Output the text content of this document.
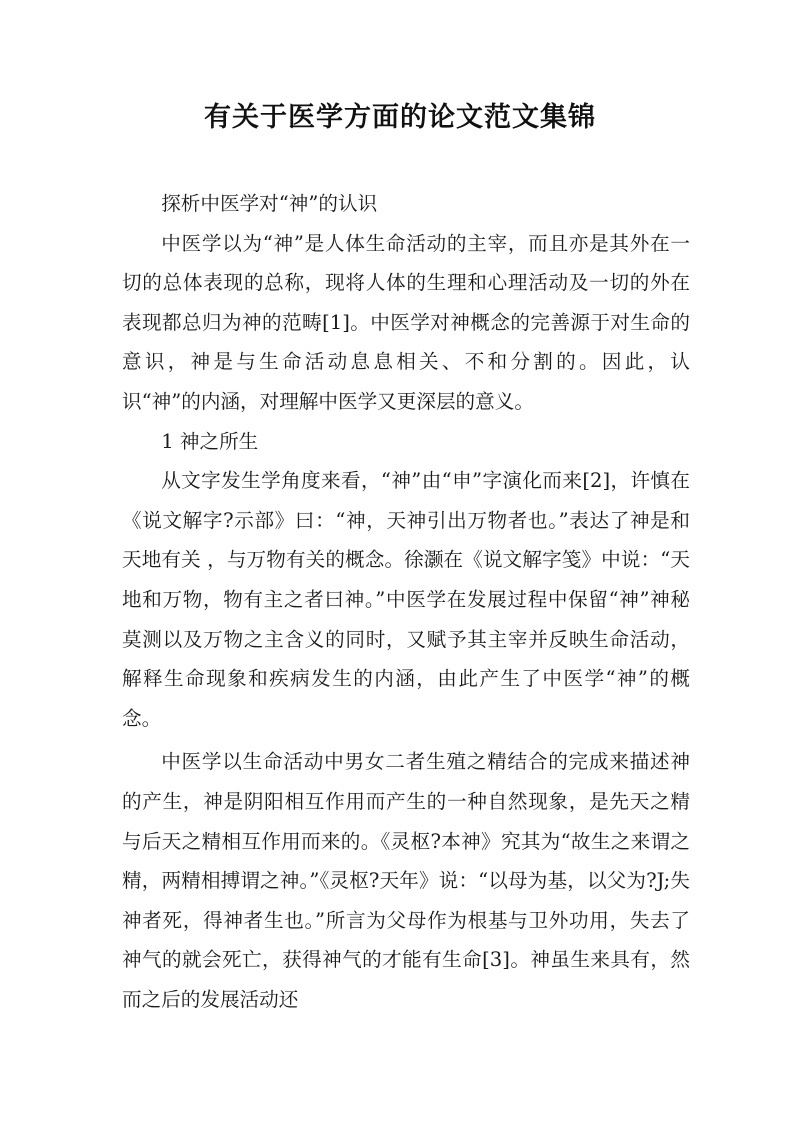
有关于医学方面的论文范文集锦

探析中医学对“神”的认识

中医学以为“神”是人体生命活动的主宰，而且亦是其外在一切的总体表现的总称，现将人体的生理和心理活动及一切的外在表现都总归为神的范畴[1]。中医学对神概念的完善源于对生命的意识，神是与生命活动息息相关、不和分割的。因此，认识“神”的内涵，对理解中医学又更深层的意义。

1 神之所生

从文字发生学角度来看，“神”由“申”字演化而来[2]，许慎在《说文解字?示部》曰：“神，天神引出万物者也。”表达了神是和天地有关 ，与万物有关的概念。徐灏在《说文解字笺》中说：“天地和万物，物有主之者曰神。”中医学在发展过程中保留“神”神秘莫测以及万物之主含义的同时，又赋予其主宰并反映生命活动，解释生命现象和疾病发生的内涵，由此产生了中医学“神”的概念。

中医学以生命活动中男女二者生殖之精结合的完成来描述神的产生，神是阴阳相互作用而产生的一种自然现象，是先天之精与后天之精相互作用而来的。《灵枢?本神》究其为“故生之来谓之精，两精相搏谓之神。”《灵枢?天年》说：“以母为基，以父为?J;失神者死，得神者生也。”所言为父母作为根基与卫外功用，失去了神气的就会死亡，获得神气的才能有生命[3]。神虽生来具有，然而之后的发展活动还
